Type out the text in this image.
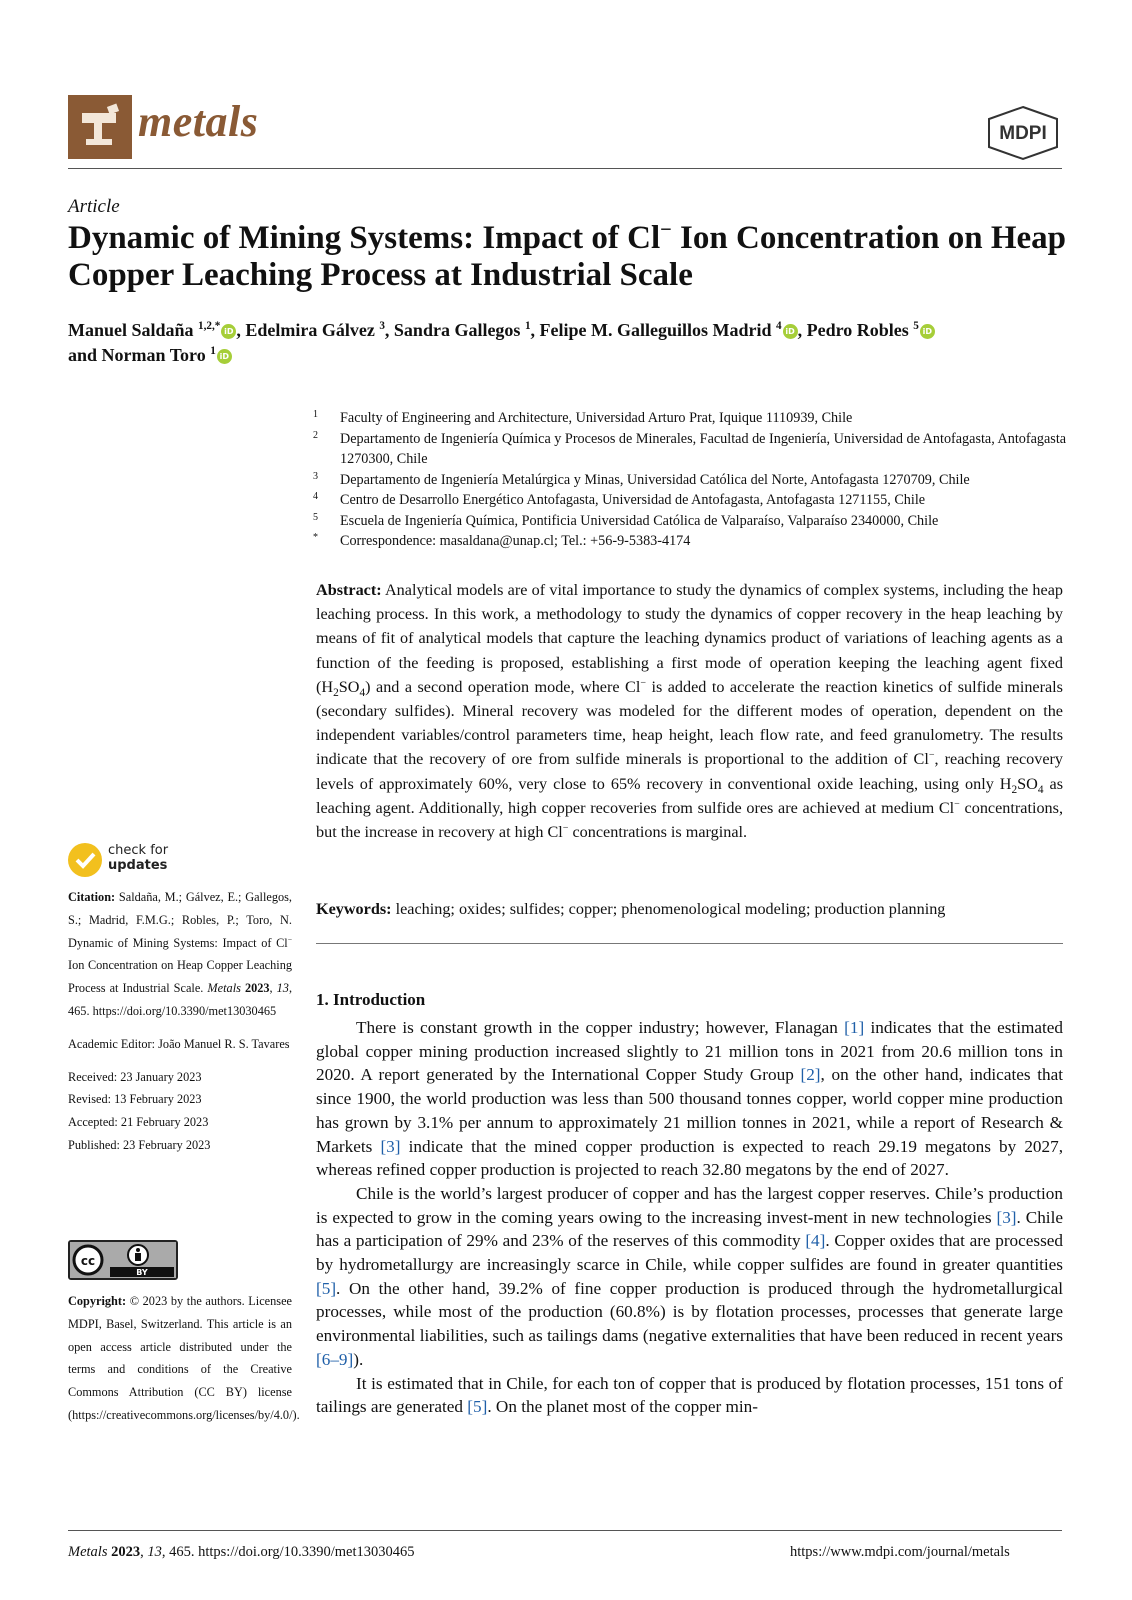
metals	MDPI
Article
Dynamic of Mining Systems: Impact of Cl− Ion Concentration on Heap Copper Leaching Process at Industrial Scale
Manuel Saldaña $^{1,2,*}$ iD , Edelmira Gálvez $^3$, Sandra Gallegos $^1$, Felipe M. Galleguillos Madrid $^4$ iD , Pedro Robles $^5$ iD
and Norman Toro $^1$ iD
1	Faculty of Engineering and Architecture, Universidad Arturo Prat, Iquique 1110939, Chile
2	Departamento de Ingeniería Química y Procesos de Minerales, Facultad de Ingeniería, Universidad de Antofagasta, Antofagasta 1270300, Chile
3	Departamento de Ingeniería Metalúrgica y Minas, Universidad Católica del Norte, Antofagasta 1270709, Chile
4	Centro de Desarrollo Energético Antofagasta, Universidad de Antofagasta, Antofagasta 1271155, Chile
5	Escuela de Ingeniería Química, Pontificia Universidad Católica de Valparaíso, Valparaíso 2340000, Chile
*	Correspondence: masaldana@unap.cl; Tel.: +56-9-5383-4174
Abstract: Analytical models are of vital importance to study the dynamics of complex systems, including the heap leaching process. In this work, a methodology to study the dynamics of copper recovery in the heap leaching by means of fit of analytical models that capture the leaching dynamics product of variations of leaching agents as a function of the feeding is proposed, establishing a first mode of operation keeping the leaching agent fixed $(H_2SO_4)$ and a second operation mode, where Cl− is added to accelerate the reaction kinetics of sulfide minerals (secondary sulfides). Mineral recovery was modeled for the different modes of operation, dependent on the independent variables/control parameters time, heap height, leach flow rate, and feed granulometry. The results indicate that the recovery of ore from sulfide minerals is proportional to the addition of Cl−, reaching recovery levels of approximately 60%, very close to 65% recovery in conventional oxide leaching, using only $H_2SO_4$ as leaching agent. Additionally, high copper recoveries from sulfide ores are achieved at medium Cl− concentrations, but the increase in recovery at high Cl− concentrations is marginal.
Keywords: leaching; oxides; sulfides; copper; phenomenological modeling; production planning
1. Introduction

There is constant growth in the copper industry; however, Flanagan [1] indicates that the estimated global copper mining production increased slightly to 21 million tons in 2021 from 20.6 million tons in 2020. A report generated by the International Copper Study Group [2], on the other hand, indicates that since 1900, the world production was less than 500 thousand tonnes copper, world copper mine production has grown by 3.1% per annum to approximately 21 million tonnes in 2021, while a report of Research & Markets [3] indicate that the mined copper production is expected to reach 29.19 megatons by 2027, whereas refined copper production is projected to reach 32.80 megatons by the end of 2027.

Chile is the world’s largest producer of copper and has the largest copper reserves. Chile’s production is expected to grow in the coming years owing to the increasing invest-ment in new technologies [3]. Chile has a participation of 29% and 23% of the reserves of this commodity [4]. Copper oxides that are processed by hydrometallurgy are increasingly scarce in Chile, while copper sulfides are found in greater quantities [5]. On the other hand, 39.2% of fine copper production is produced through the hydrometallurgical processes, while most of the production (60.8%) is by flotation processes, processes that generate large environmental liabilities, such as tailings dams (negative externalities that have been reduced in recent years [6–9]).

It is estimated that in Chile, for each ton of copper that is produced by flotation processes, 151 tons of tailings are generated [5]. On the planet most of the copper min-

check for
updates

Citation: Saldaña, M.; Gálvez, E.; Gallegos, S.; Madrid, F.M.G.; Robles, P.; Toro, N. Dynamic of Mining Systems: Impact of Cl− Ion Concentration on Heap Copper Leaching Process at Industrial Scale. Metals 2023, 13, 465. https://doi.org/10.3390/met13030465

Academic Editor: João Manuel R. S. Tavares

Received: 23 January 2023

Revised: 13 February 2023

Accepted: 21 February 2023

Published: 23 February 2023

cc
BY
Copyright: © 2023 by the authors. Licensee MDPI, Basel, Switzerland. This article is an open access article distributed under the terms and conditions of the Creative Commons Attribution (CC BY) license (https://creativecommons.org/licenses/by/4.0/).
Metals 2023, 13, 465. https://doi.org/10.3390/met13030465	https://www.mdpi.com/journal/metals
